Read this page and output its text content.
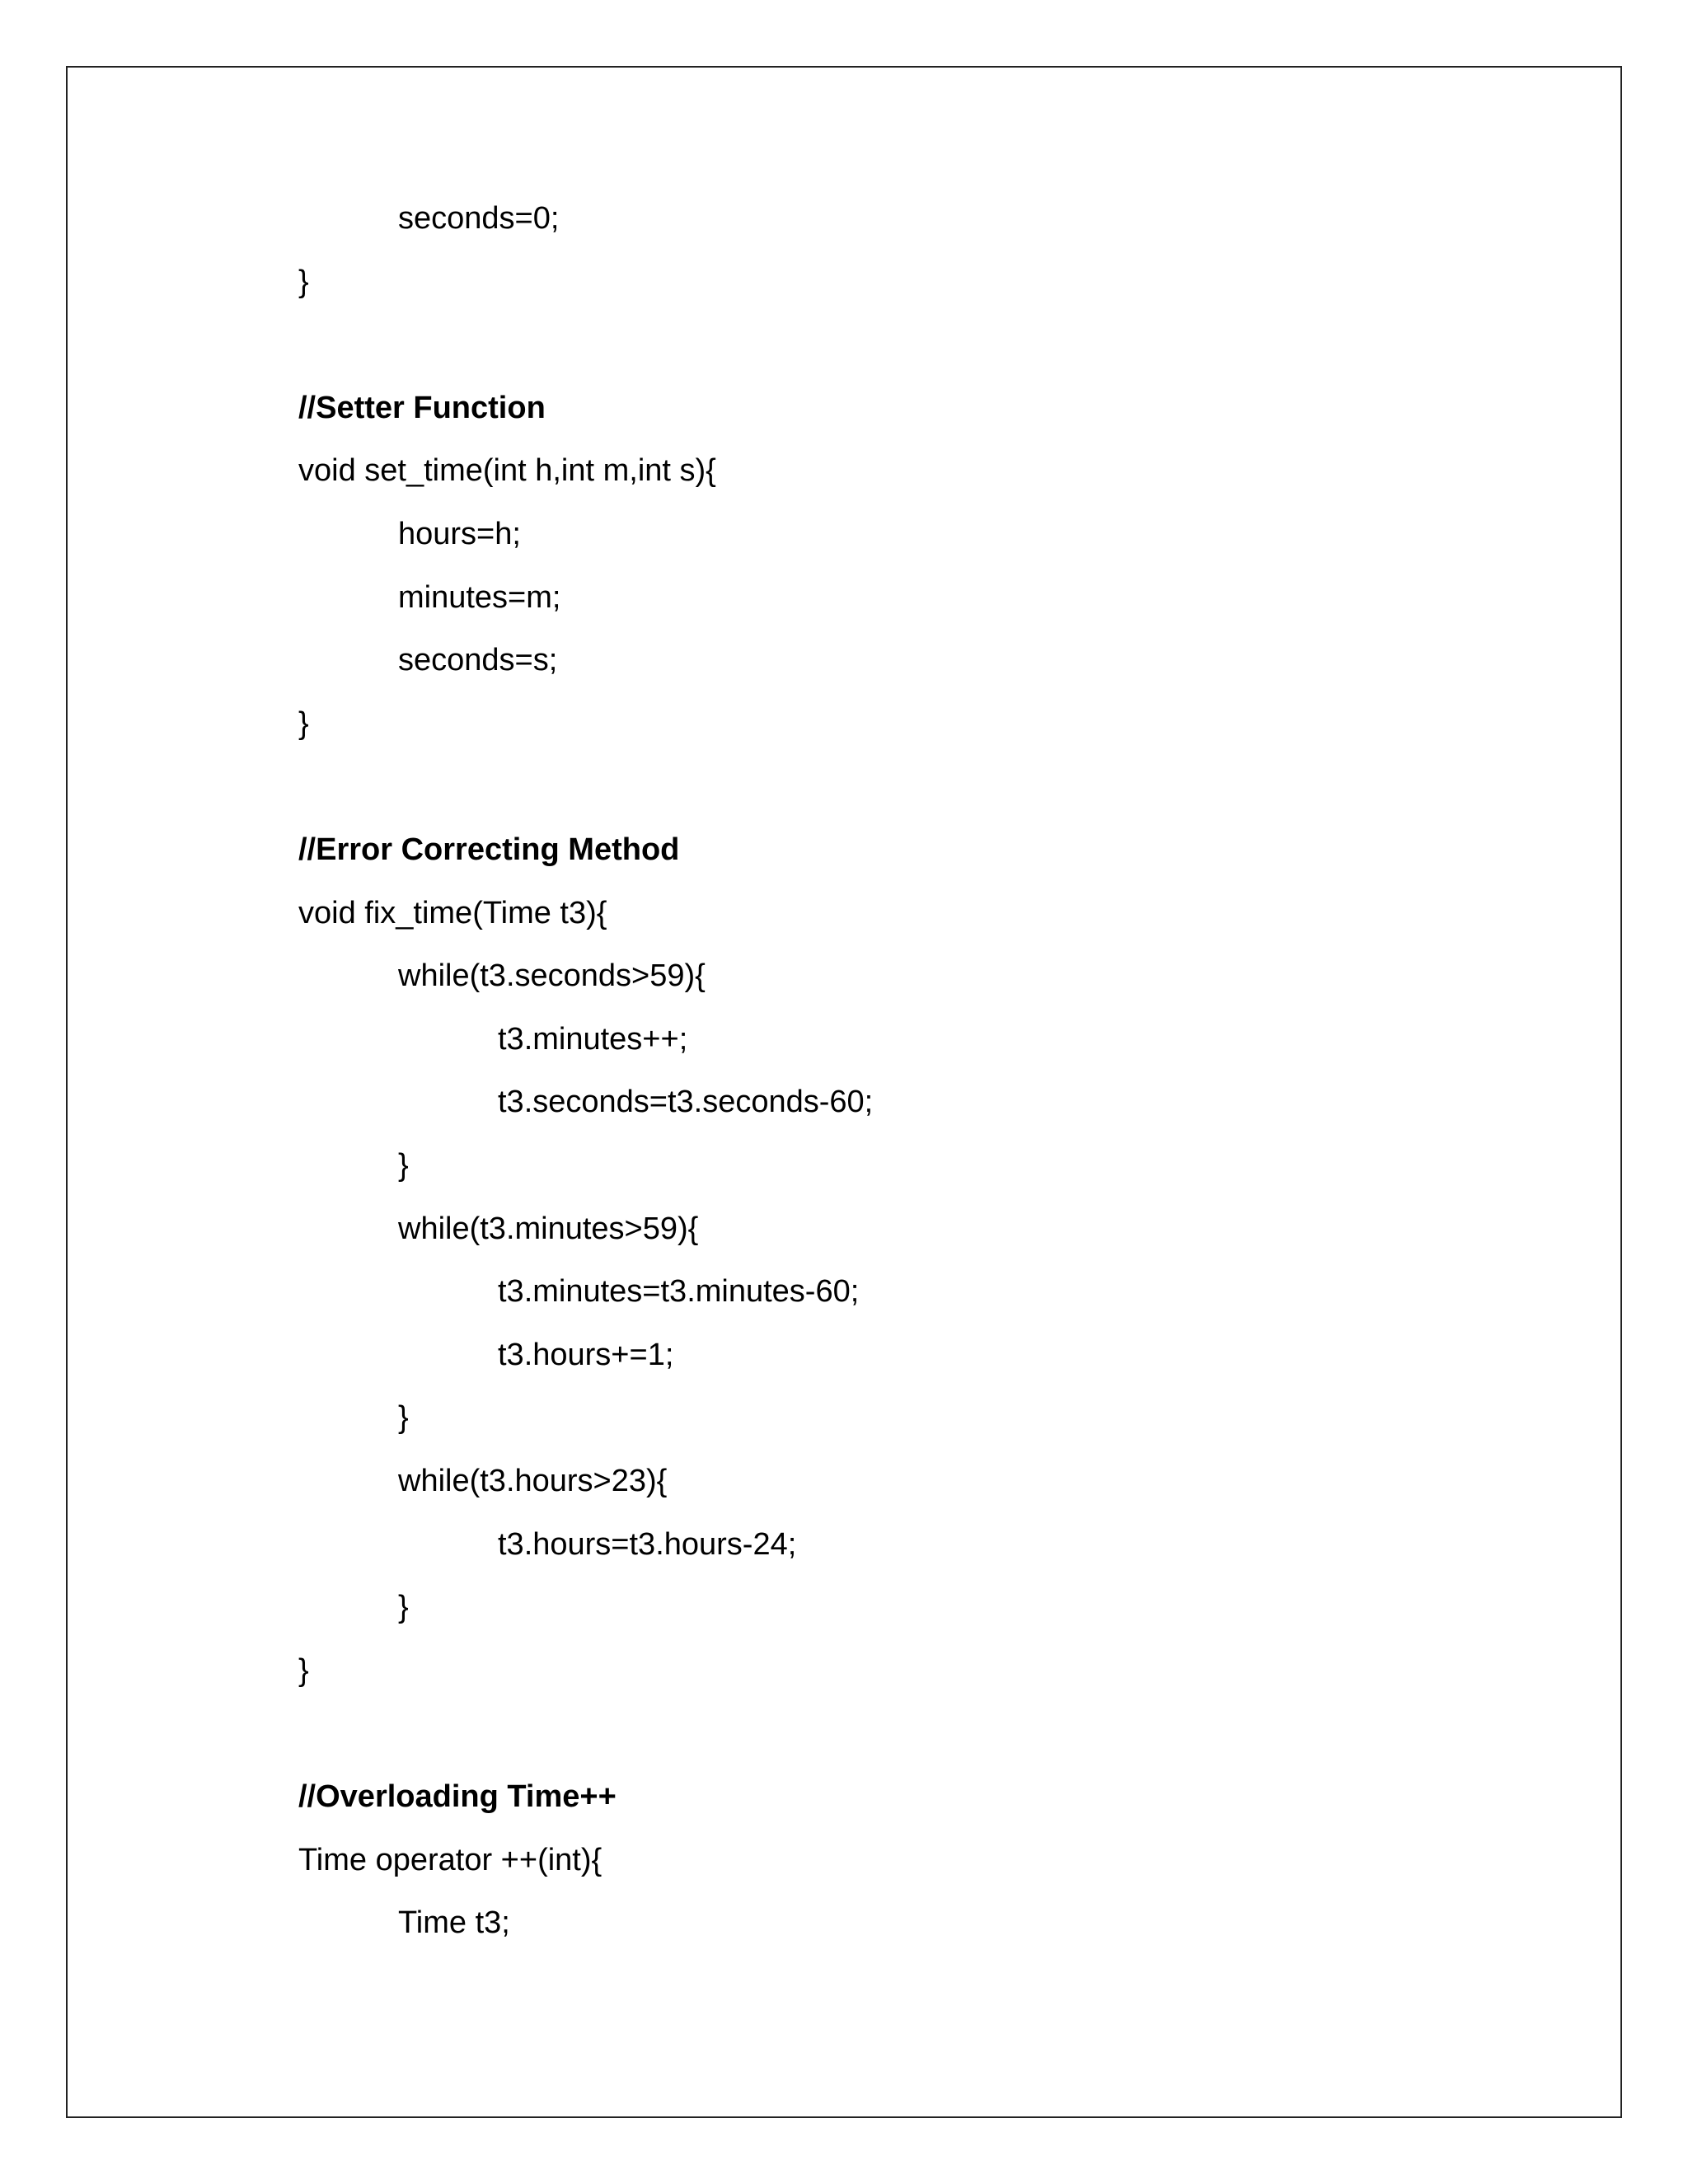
seconds=0;
}
//Setter Function
void set_time(int h,int m,int s){
hours=h;
minutes=m;
seconds=s;
}
//Error Correcting Method
void fix_time(Time t3){
while(t3.seconds>59){
t3.minutes++;
t3.seconds=t3.seconds-60;
}
while(t3.minutes>59){
t3.minutes=t3.minutes-60;
t3.hours+=1;
}
while(t3.hours>23){
t3.hours=t3.hours-24;
}
}
//Overloading Time++
Time operator ++(int){
Time t3;
